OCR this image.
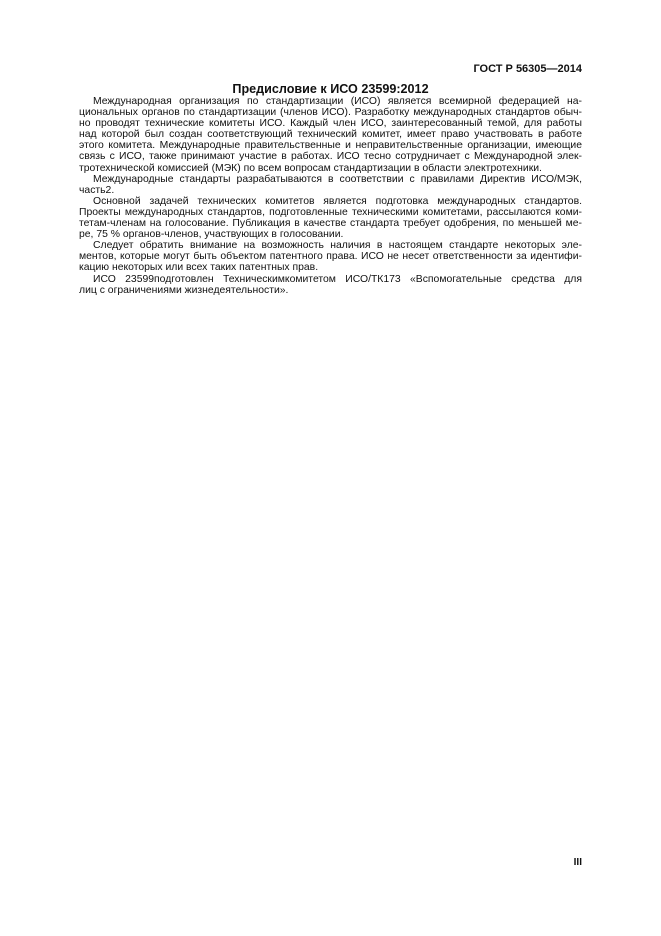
ГОСТ Р 56305—2014
Предисловие к ИСО 23599:2012
Международная организация по стандартизации (ИСО) является всемирной федерацией на-
циональных органов по стандартизации (членов ИСО). Разработку международных стандартов обыч-
но проводят технические комитеты ИСО. Каждый член ИСО, заинтересованный темой, для работы
над которой был создан соответствующий технический комитет, имеет право участвовать в работе
этого комитета. Международные правительственные и неправительственные организации, имеющие
связь с ИСО, также принимают участие в работах. ИСО тесно сотрудничает с Международной элек-
тротехнической комиссией (МЭК) по всем вопросам стандартизации в области электротехники.
Международные стандарты разрабатываются в соответствии с правилами Директив ИСО/МЭК,
часть2.
Основной задачей технических комитетов является подготовка международных стандартов.
Проекты международных стандартов, подготовленные техническими комитетами, рассылаются коми-
тетам-членам на голосование. Публикация в качестве стандарта требует одобрения, по меньшей ме-
ре, 75 % органов-членов, участвующих в голосовании.
Следует обратить внимание на возможность наличия в настоящем стандарте некоторых эле-
ментов, которые могут быть объектом патентного права. ИСО не несет ответственности за идентифи-
кацию некоторых или всех таких патентных прав.
ИСО 23599подготовлен Техническимкомитетом ИСО/ТК173 «Вспомогательные средства для
лиц с ограничениями жизнедеятельности».
III
